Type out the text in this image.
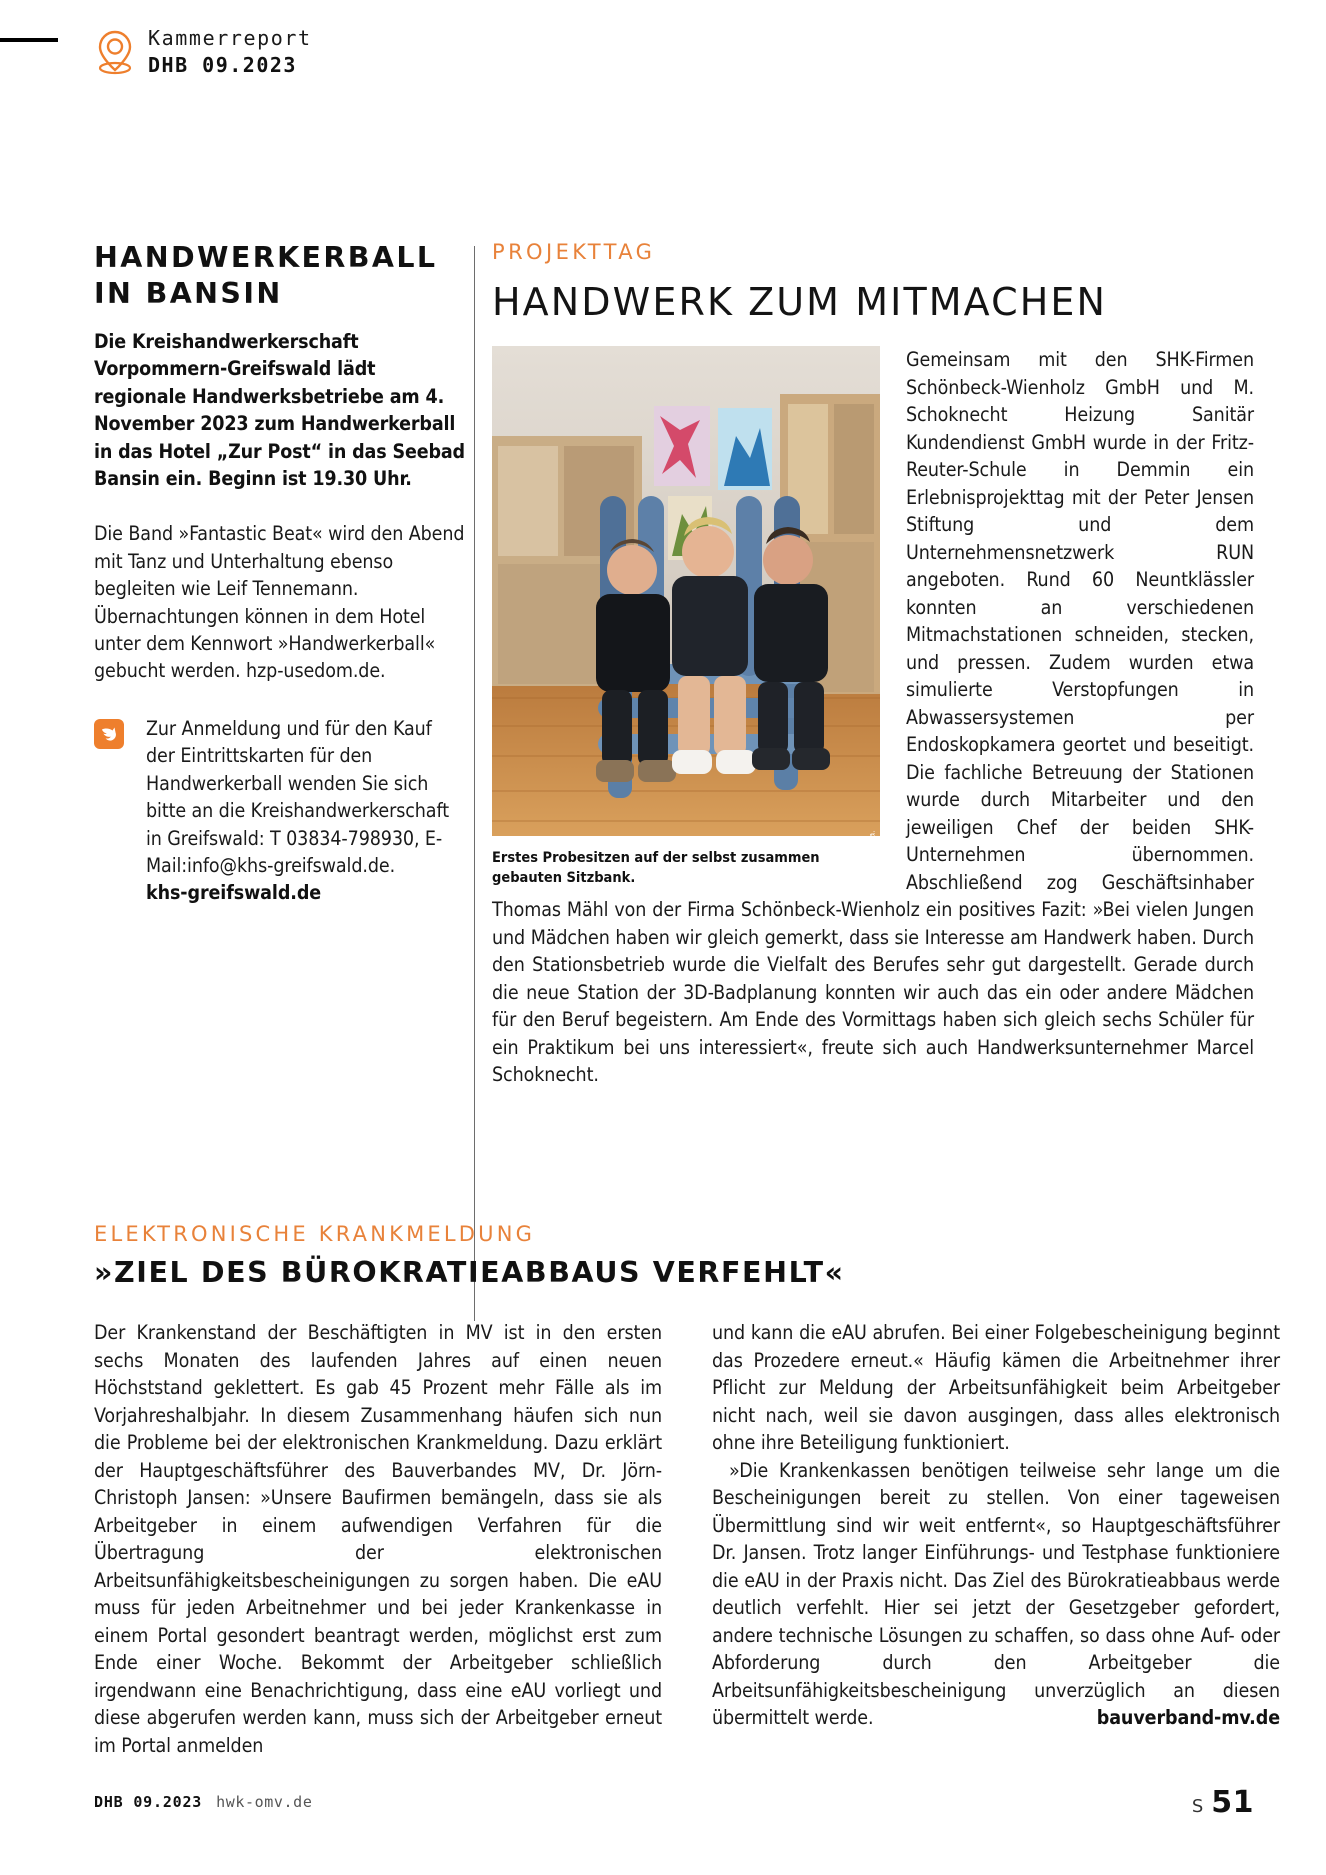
Kammerreport
DHB 09.2023
HANDWERKERBALL
IN BANSIN

Die Kreishandwerkerschaft Vorpommern-Greifswald lädt regionale Handwerksbetriebe am 4. November 2023 zum Handwerkerball in das Hotel „Zur Post“ in das Seebad Bansin ein. Beginn ist 19.30 Uhr.

Die Band »Fantastic Beat« wird den Abend mit Tanz und Unterhaltung ebenso begleiten wie Leif Tennemann. Übernachtungen können in dem Hotel unter dem Kennwort »Handwerkerball« gebucht werden. hzp-usedom.de.

Zur Anmeldung und für den Kauf der Eintrittskarten für den Handwerkerball wenden Sie sich bitte an die Kreishandwerkerschaft in Greifswald: T 03834-798930, E-Mail:info@khs-greifswald.de.
khs-greifswald.de
PROJEKTTAG
HANDWERK ZUM MITMACHEN
Foto: ©Bub/k.a.
Erstes Probesitzen auf der selbst zusammen gebauten Sitzbank.

Gemeinsam mit den SHK-Firmen Schönbeck-Wienholz GmbH und M. Schoknecht Heizung Sanitär Kundendienst GmbH wurde in der Fritz-Reuter-Schule in Demmin ein Erlebnisprojekttag mit der Peter Jensen Stiftung und dem Unternehmensnetzwerk RUN angeboten. Rund 60 Neuntklässler konnten an verschiedenen Mitmachstationen schneiden, stecken, und pressen. Zudem wurden etwa simulierte Verstopfungen in Abwassersystemen per Endoskopkamera geortet und beseitigt. Die fachliche Betreuung der Stationen wurde durch Mitarbeiter und den jeweiligen Chef der beiden SHK-Unternehmen übernommen. Abschließend zog Geschäftsinhaber Thomas Mähl von der Firma Schönbeck-Wienholz ein positives Fazit: »Bei vielen Jungen und Mädchen haben wir gleich gemerkt, dass sie Interesse am Handwerk haben. Durch den Stationsbetrieb wurde die Vielfalt des Berufes sehr gut dargestellt. Gerade durch die neue Station der 3D-Badplanung konnten wir auch das ein oder andere Mädchen für den Beruf begeistern. Am Ende des Vormittags haben sich gleich sechs Schüler für ein Praktikum bei uns interessiert«, freute sich auch Handwerksunternehmer Marcel Schoknecht.

ELEKTRONISCHE KRANKMELDUNG
»ZIEL DES BÜROKRATIEABBAUS VERFEHLT«

Der Krankenstand der Beschäftigten in MV ist in den ersten sechs Monaten des laufenden Jahres auf einen neuen Höchststand geklettert. Es gab 45 Prozent mehr Fälle als im Vorjahreshalbjahr. In diesem Zusammenhang häufen sich nun die Probleme bei der elektronischen Krankmeldung. Dazu erklärt der Hauptgeschäftsführer des Bauverbandes MV, Dr. Jörn-Christoph Jansen: »Unsere Baufirmen bemängeln, dass sie als Arbeitgeber in einem aufwendigen Verfahren für die Übertragung der elektronischen Arbeitsunfähigkeitsbescheinigungen zu sorgen haben. Die eAU muss für jeden Arbeitnehmer und bei jeder Krankenkasse in einem Portal gesondert beantragt werden, möglichst erst zum Ende einer Woche. Bekommt der Arbeitgeber schließlich irgendwann eine Benachrichtigung, dass eine eAU vorliegt und diese abgerufen werden kann, muss sich der Arbeitgeber erneut im Portal anmelden

und kann die eAU abrufen. Bei einer Folgebescheinigung beginnt das Prozedere erneut.« Häufig kämen die Arbeitnehmer ihrer Pflicht zur Meldung der Arbeitsunfähigkeit beim Arbeitgeber nicht nach, weil sie davon ausgingen, dass alles elektronisch ohne ihre Beteiligung funktioniert.

»Die Krankenkassen benötigen teilweise sehr lange um die Bescheinigungen bereit zu stellen. Von einer tageweisen Übermittlung sind wir weit entfernt«, so Hauptgeschäftsführer Dr. Jansen. Trotz langer Einführungs- und Testphase funktioniere die eAU in der Praxis nicht. Das Ziel des Bürokratieabbaus werde deutlich verfehlt. Hier sei jetzt der Gesetzgeber gefordert, andere technische Lösungen zu schaffen, so dass ohne Auf- oder Abforderung durch den Arbeitgeber die Arbeitsunfähigkeitsbescheinigung unverzüglich an diesen übermittelt werde.	bauverband-mv.de

DHB 09.2023 hwk-omv.de	S 51
